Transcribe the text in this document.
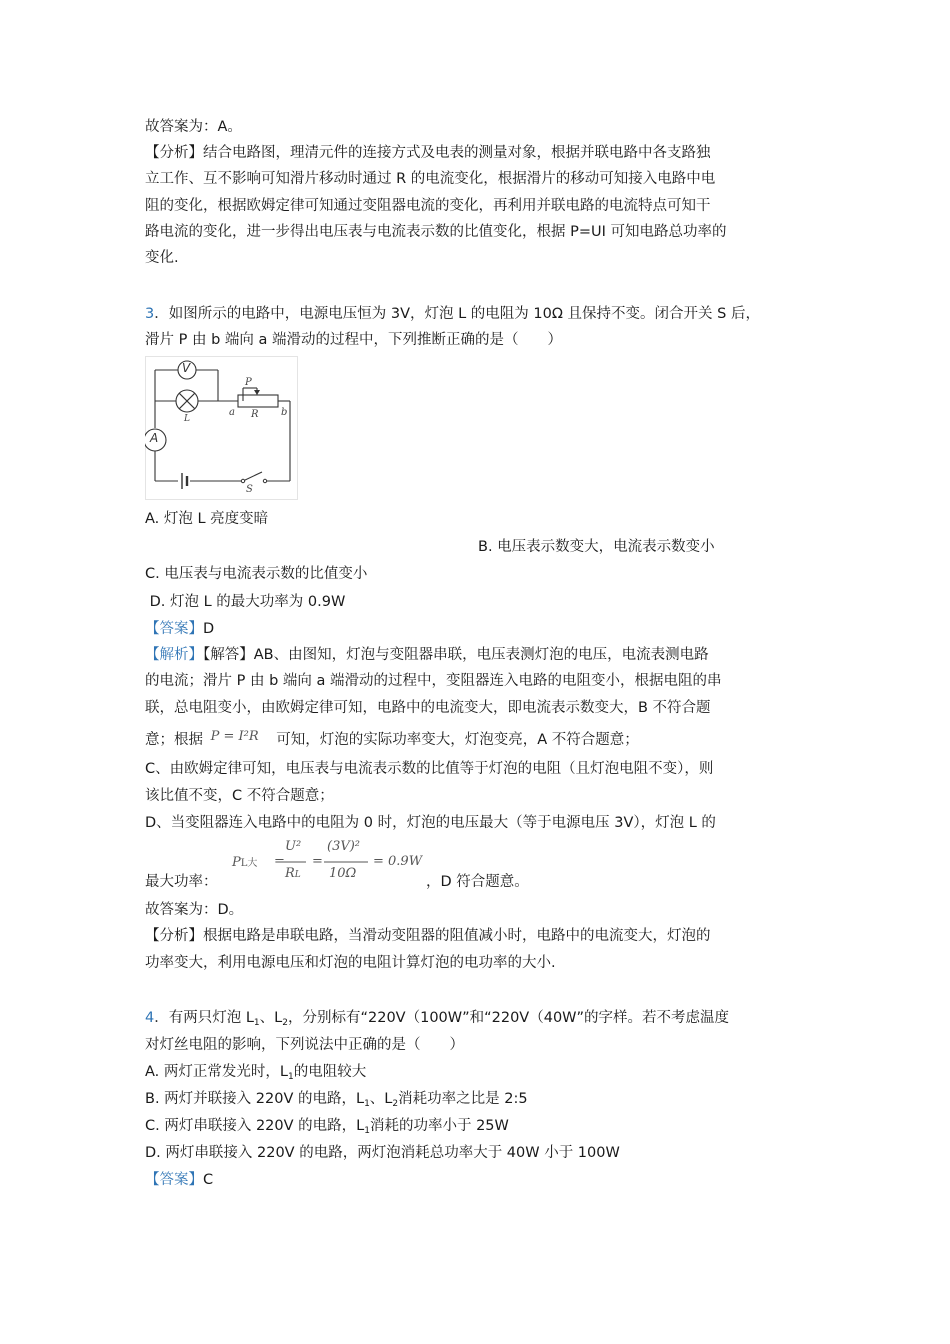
故答案为：A。
【分析】结合电路图，理清元件的连接方式及电表的测量对象，根据并联电路中各支路独
立工作、互不影响可知滑片移动时通过 R 的电流变化，根据滑片的移动可知接入电路中电
阻的变化，根据欧姆定律可知通过变阻器电流的变化，再利用并联电路的电流特点可知干
路电流的变化，进一步得出电压表与电流表示数的比值变化，根据 P=UI 可知电路总功率的
变化.
3．如图所示的电路中，电源电压恒为 3V，灯泡 L 的电阻为 10Ω 且保持不变。闭合开关 S 后，
滑片 P 由 b 端向 a 端滑动的过程中，下列推断正确的是（　　）
V
A
L
a R b
P
S
A. 灯泡 L 亮度变暗
B. 电压表示数变大，电流表示数变小
C. 电压表与电流表示数的比值变小
D. 灯泡 L 的最大功率为 0.9W
【答案】D
【解析】【解答】AB、由图知，灯泡与变阻器串联，电压表测灯泡的电压，电流表测电路
的电流；滑片 P 由 b 端向 a 端滑动的过程中，变阻器连入电路的电阻变小，根据电阻的串
联，总电阻变小，由欧姆定律可知，电路中的电流变大，即电流表示数变大，B 不符合题
意；根据 P = I²R 可知，灯泡的实际功率变大，灯泡变亮，A 不符合题意；
C、由欧姆定律可知，电压表与电流表示数的比值等于灯泡的电阻（且灯泡电阻不变），则
该比值不变，C 不符合题意；
D、当变阻器连入电路中的电阻为 0 时，灯泡的电压最大（等于电源电压 3V），灯泡 L 的
最大功率：
PL大 =
U²
RL
=
(3V)²
10Ω
= 0.9W
，D 符合题意。
故答案为：D。
【分析】根据电路是串联电路，当滑动变阻器的阻值减小时，电路中的电流变大，灯泡的
功率变大，利用电源电压和灯泡的电阻计算灯泡的电功率的大小.
4．有两只灯泡 $L_1$、$L_2$，分别标有“220V（100W”和“220V（40W”的字样。若不考虑温度
对灯丝电阻的影响，下列说法中正确的是（　　）
A. 两灯正常发光时，$L_1$的电阻较大
B. 两灯并联接入 220V 的电路，$L_1$、$L_2$消耗功率之比是 2:5
C. 两灯串联接入 220V 的电路，$L_1$消耗的功率小于 25W
D. 两灯串联接入 220V 的电路，两灯泡消耗总功率大于 40W 小于 100W
【答案】C
